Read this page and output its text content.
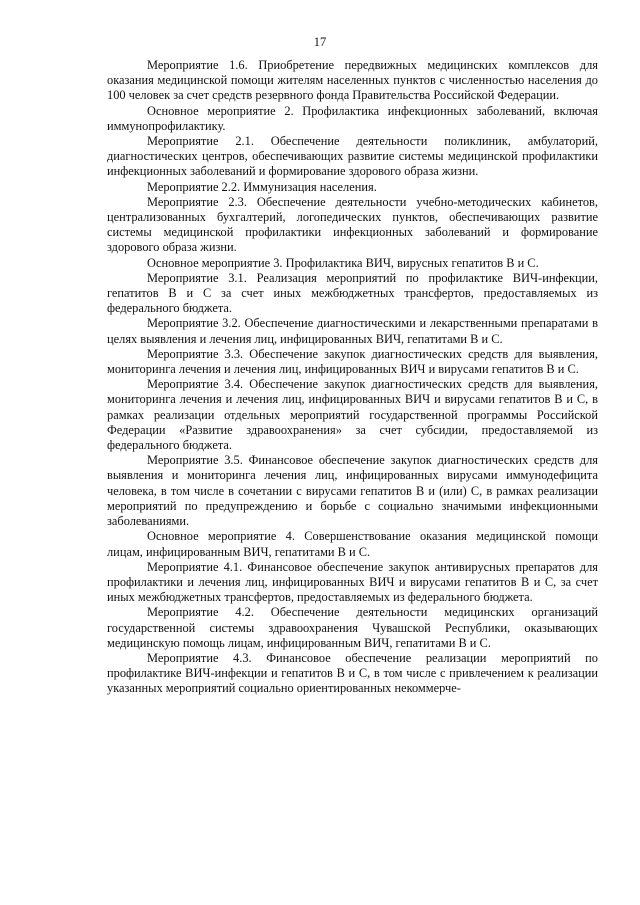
17

Мероприятие 1.6. Приобретение передвижных медицинских комплексов для оказания медицинской помощи жителям населенных пунктов с численностью населения до 100 человек за счет средств резервного фонда Правительства Российской Федерации.

Основное мероприятие 2. Профилактика инфекционных заболеваний, включая иммунопрофилактику.

Мероприятие 2.1. Обеспечение деятельности поликлиник, амбулаторий, диагностических центров, обеспечивающих развитие системы медицинской профилактики инфекционных заболеваний и формирование здорового образа жизни.

Мероприятие 2.2. Иммунизация населения.

Мероприятие 2.3. Обеспечение деятельности учебно-методических кабинетов, централизованных бухгалтерий, логопедических пунктов, обеспечивающих развитие системы медицинской профилактики инфекционных заболеваний и формирование здорового образа жизни.

Основное мероприятие 3. Профилактика ВИЧ, вирусных гепатитов В и С.

Мероприятие 3.1. Реализация мероприятий по профилактике ВИЧ-инфекции, гепатитов В и С за счет иных межбюджетных трансфертов, предоставляемых из федерального бюджета.

Мероприятие 3.2. Обеспечение диагностическими и лекарственными препаратами в целях выявления и лечения лиц, инфицированных ВИЧ, гепатитами В и С.

Мероприятие 3.3. Обеспечение закупок диагностических средств для выявления, мониторинга лечения и лечения лиц, инфицированных ВИЧ и вирусами гепатитов В и С.

Мероприятие 3.4. Обеспечение закупок диагностических средств для выявления, мониторинга лечения и лечения лиц, инфицированных ВИЧ и вирусами гепатитов В и С, в рамках реализации отдельных мероприятий государственной программы Российской Федерации «Развитие здравоохранения» за счет субсидии, предоставляемой из федерального бюджета.

Мероприятие 3.5. Финансовое обеспечение закупок диагностических средств для выявления и мониторинга лечения лиц, инфицированных вирусами иммунодефицита человека, в том числе в сочетании с вирусами гепатитов В и (или) С, в рамках реализации мероприятий по предупреждению и борьбе с социально значимыми инфекционными заболеваниями.

Основное мероприятие 4. Совершенствование оказания медицинской помощи лицам, инфицированным ВИЧ, гепатитами В и С.

Мероприятие 4.1. Финансовое обеспечение закупок антивирусных препаратов для профилактики и лечения лиц, инфицированных ВИЧ и вирусами гепатитов В и С, за счет иных межбюджетных трансфертов, предоставляемых из федерального бюджета.

Мероприятие 4.2. Обеспечение деятельности медицинских организаций государственной системы здравоохранения Чувашской Республики, оказывающих медицинскую помощь лицам, инфицированным ВИЧ, гепатитами В и С.

Мероприятие 4.3. Финансовое обеспечение реализации мероприятий по профилактике ВИЧ-инфекции и гепатитов В и С, в том числе с привлечением к реализации указанных мероприятий социально ориентированных некоммерче-
